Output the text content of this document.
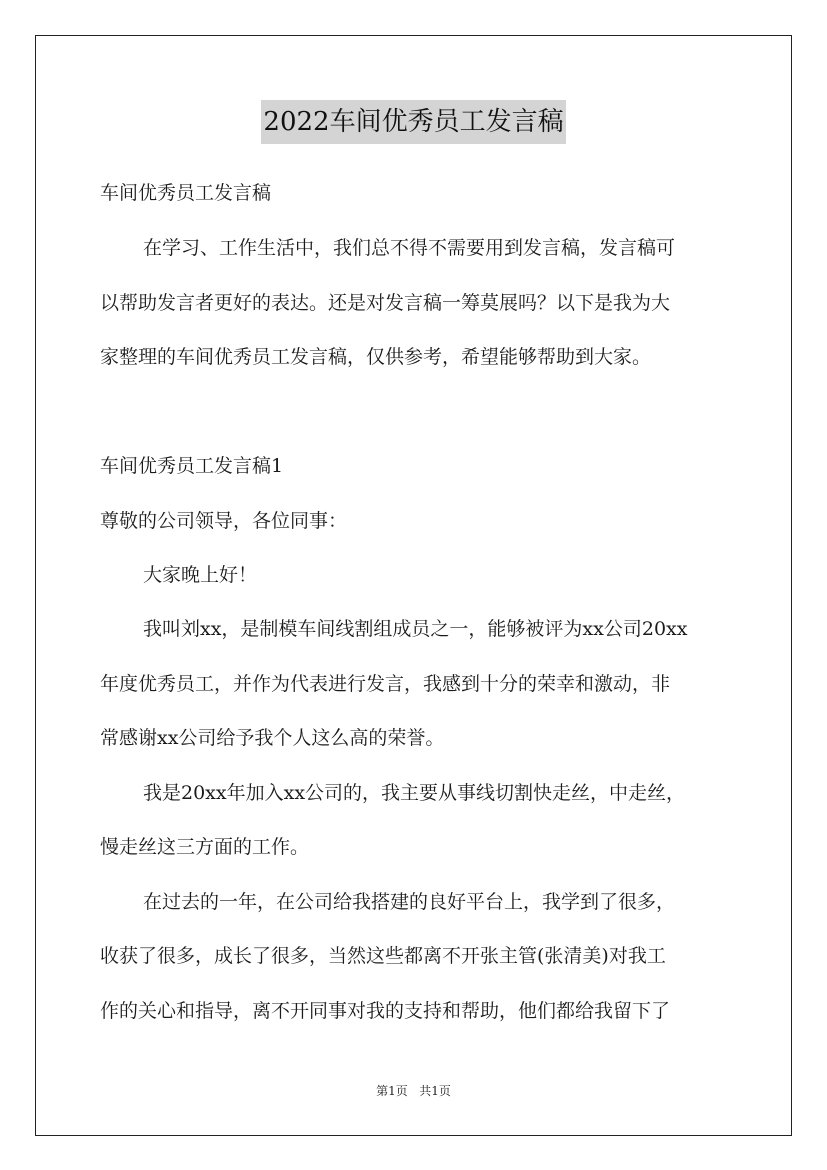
2022车间优秀员工发言稿
车间优秀员工发言稿
在学习、工作生活中，我们总不得不需要用到发言稿，发言稿可
以帮助发言者更好的表达。还是对发言稿一筹莫展吗？以下是我为大
家整理的车间优秀员工发言稿，仅供参考，希望能够帮助到大家。
车间优秀员工发言稿1
尊敬的公司领导，各位同事：
大家晚上好！
我叫刘xx，是制模车间线割组成员之一，能够被评为xx公司20xx
年度优秀员工，并作为代表进行发言，我感到十分的荣幸和激动，非
常感谢xx公司给予我个人这么高的荣誉。
我是20xx年加入xx公司的，我主要从事线切割快走丝，中走丝，
慢走丝这三方面的工作。
在过去的一年，在公司给我搭建的良好平台上，我学到了很多，
收获了很多，成长了很多，当然这些都离不开张主管(张清美)对我工
作的关心和指导，离不开同事对我的支持和帮助，他们都给我留下了
第1页 共1页
